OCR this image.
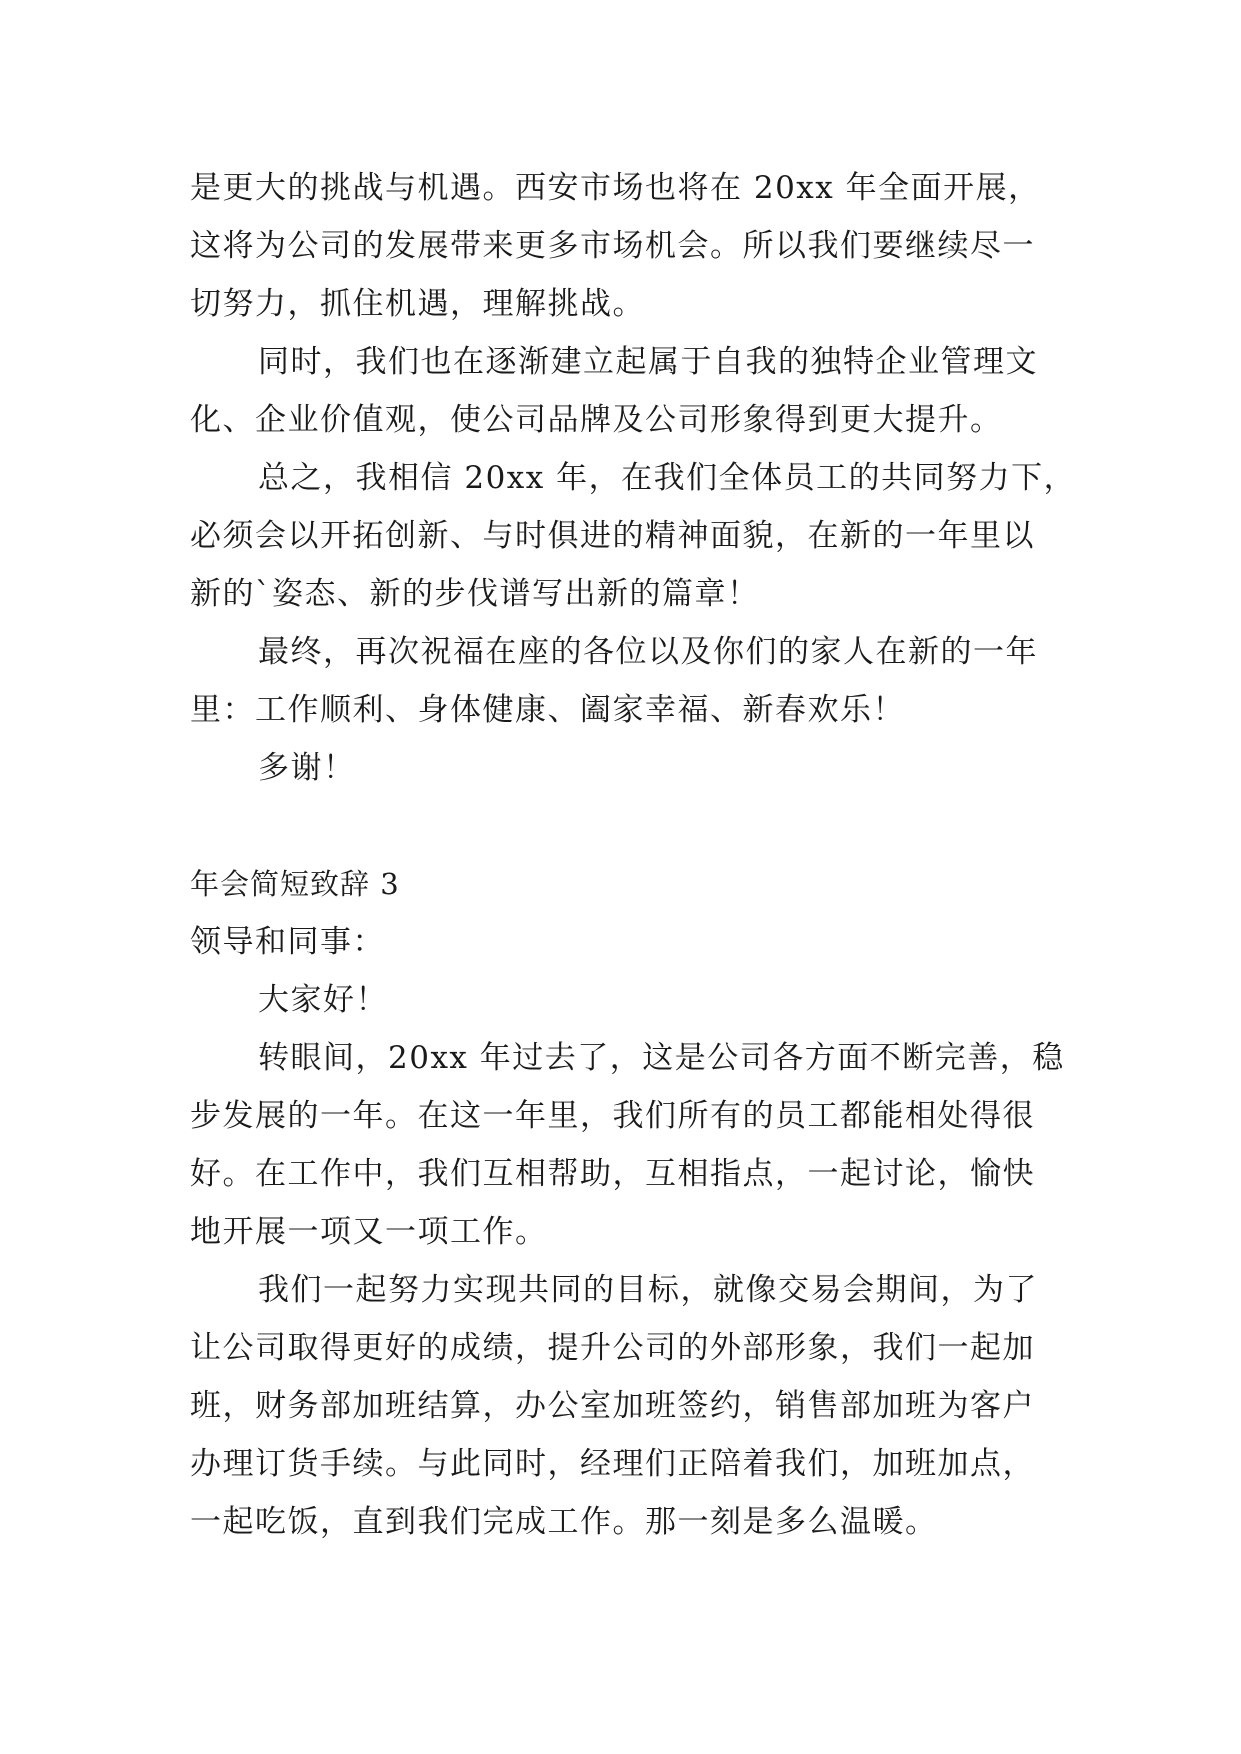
是更大的挑战与机遇。西安市场也将在 20xx 年全面开展，
这将为公司的发展带来更多市场机会。所以我们要继续尽一
切努力，抓住机遇，理解挑战。
同时，我们也在逐渐建立起属于自我的独特企业管理文
化、企业价值观，使公司品牌及公司形象得到更大提升。
总之，我相信 20xx 年，在我们全体员工的共同努力下，
必须会以开拓创新、与时俱进的精神面貌，在新的一年里以
新的`姿态、新的步伐谱写出新的篇章！
最终，再次祝福在座的各位以及你们的家人在新的一年
里：工作顺利、身体健康、阖家幸福、新春欢乐！
多谢！
年会简短致辞 3
领导和同事：
大家好！
转眼间，20xx 年过去了，这是公司各方面不断完善，稳
步发展的一年。在这一年里，我们所有的员工都能相处得很
好。在工作中，我们互相帮助，互相指点，一起讨论，愉快
地开展一项又一项工作。
我们一起努力实现共同的目标，就像交易会期间，为了
让公司取得更好的成绩，提升公司的外部形象，我们一起加
班，财务部加班结算，办公室加班签约，销售部加班为客户
办理订货手续。与此同时，经理们正陪着我们，加班加点，
一起吃饭，直到我们完成工作。那一刻是多么温暖。
